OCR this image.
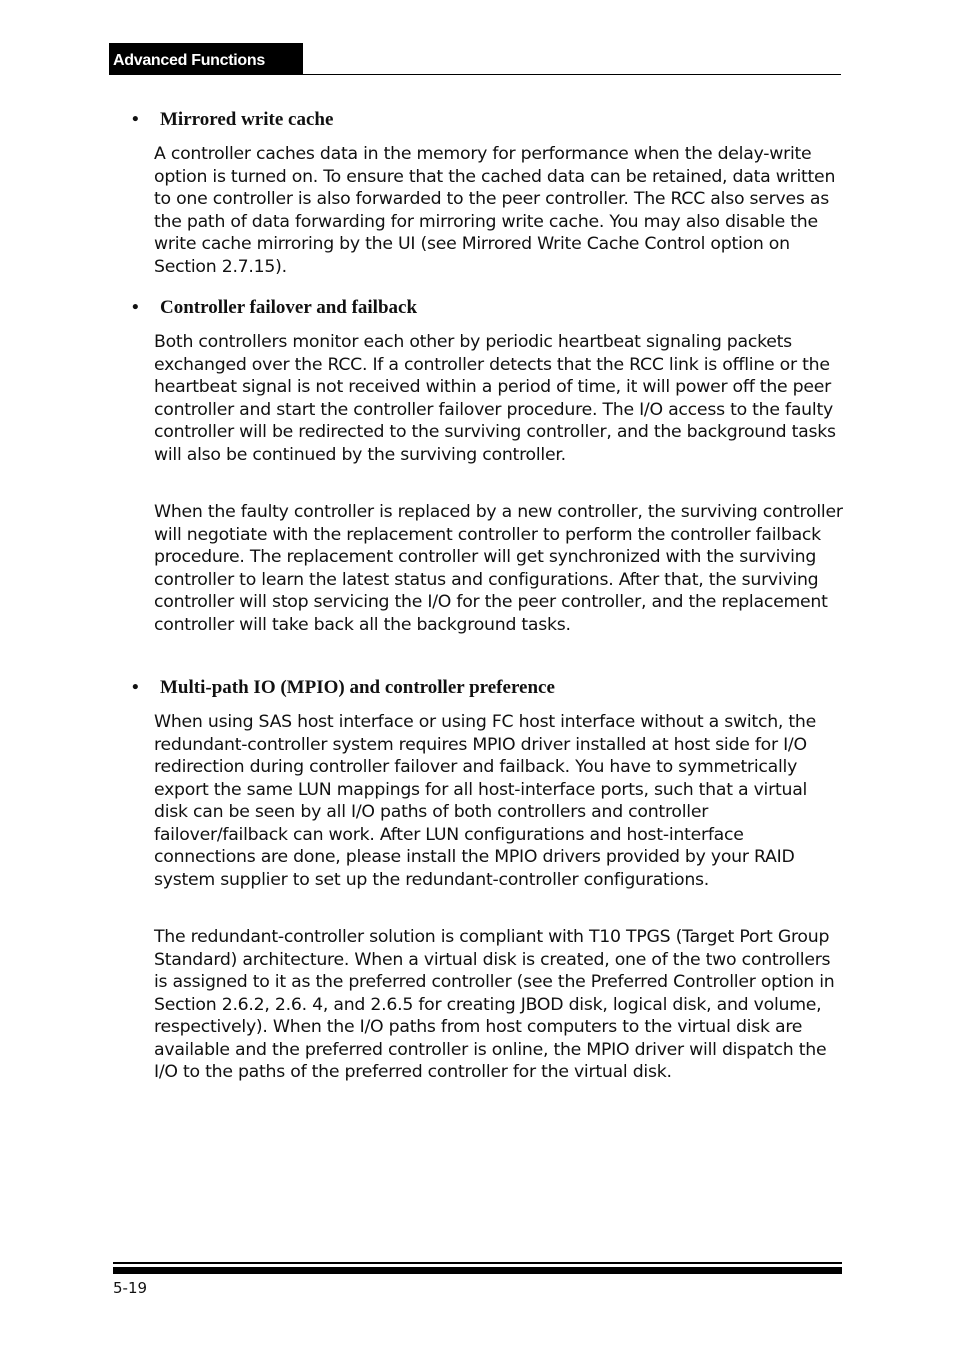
Advanced Functions
• Mirrored write cache

A controller caches data in the memory for performance when the delay-write option is turned on. To ensure that the cached data can be retained, data written to one controller is also forwarded to the peer controller. The RCC also serves as the path of data forwarding for mirroring write cache. You may also disable the write cache mirroring by the UI (see Mirrored Write Cache Control option on Section 2.7.15).

• Controller failover and failback

Both controllers monitor each other by periodic heartbeat signaling packets exchanged over the RCC. If a controller detects that the RCC link is offline or the heartbeat signal is not received within a period of time, it will power off the peer controller and start the controller failover procedure. The I/O access to the faulty controller will be redirected to the surviving controller, and the background tasks will also be continued by the surviving controller.

When the faulty controller is replaced by a new controller, the surviving controller will negotiate with the replacement controller to perform the controller failback procedure. The replacement controller will get synchronized with the surviving controller to learn the latest status and configurations. After that, the surviving controller will stop servicing the I/O for the peer controller, and the replacement controller will take back all the background tasks.

• Multi-path IO (MPIO) and controller preference

When using SAS host interface or using FC host interface without a switch, the redundant-controller system requires MPIO driver installed at host side for I/O redirection during controller failover and failback. You have to symmetrically export the same LUN mappings for all host-interface ports, such that a virtual disk can be seen by all I/O paths of both controllers and controller failover/failback can work. After LUN configurations and host-interface connections are done, please install the MPIO drivers provided by your RAID system supplier to set up the redundant-controller configurations.

The redundant-controller solution is compliant with T10 TPGS (Target Port Group Standard) architecture. When a virtual disk is created, one of the two controllers is assigned to it as the preferred controller (see the Preferred Controller option in Section 2.6.2, 2.6. 4, and 2.6.5 for creating JBOD disk, logical disk, and volume, respectively). When the I/O paths from host computers to the virtual disk are available and the preferred controller is online, the MPIO driver will dispatch the I/O to the paths of the preferred controller for the virtual disk.

5-19
